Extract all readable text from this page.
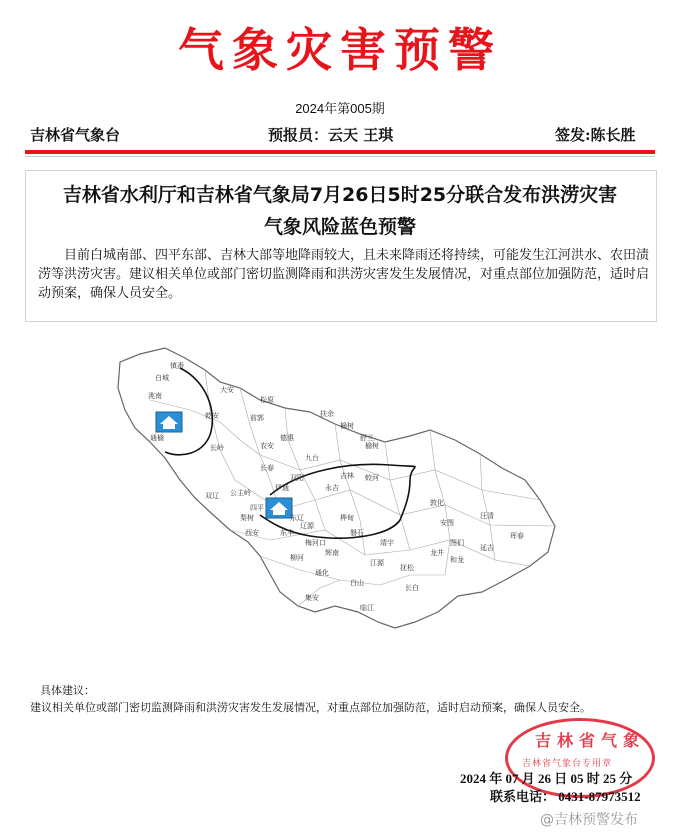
气象灾害预警
2024年第005期
吉林省气象台	预报员：云天 王琪	签发:陈长胜
吉林省水利厅和吉林省气象局7月26日5时25分联合发布洪涝灾害
气象风险蓝色预警
目前白城南部、四平东部、吉林大部等地降雨较大，且未来降雨还将持续，可能发生江河洪水、农田渍涝等洪涝灾害。建议相关单位或部门密切监测降雨和洪涝灾害发生发展情况，对重点部位加强防范，适时启动预案，确保人员安全。
镇赉
白城
洮南
大安
乾安
松原
前郭	扶余
榆树
舒兰
德惠
农安
长岭
通榆
长春
九台
吉林
永吉
蛟河
敦化
安图
汪清
珲春
图们
龙井
和龙
延吉
桦甸
磐石
辉南
梅河口
柳河
通化
集安
白山
临江
抚松
靖宇
江源
长白
四平
公主岭
伊通
双辽
梨树
东丰
东辽
辽源
西安
双阳
榆树
具体建议：
建议相关单位或部门密切监测降雨和洪涝灾害发生发展情况，对重点部位加强防范，适时启动预案，确保人员安全。
吉林省气象
吉林省气象台专用章
2024 年 07 月 26 日 05 时 25 分
联系电话： 0431-87973512
@吉林预警发布
